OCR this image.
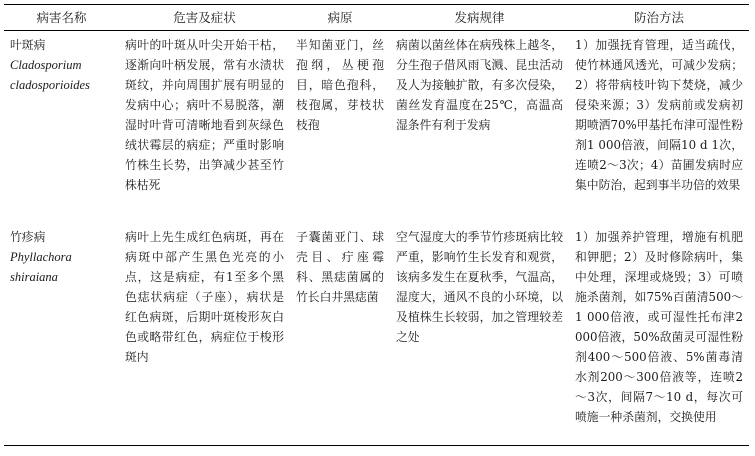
病害名称	危害及症状	病原	发病规律	防治方法

叶斑病
Cladosporium
cladosporioides	病叶的叶斑从叶尖开始干枯，逐渐向叶柄发展，常有水渍状斑纹，并向周围扩展有明显的发病中心；病叶不易脱落，潮湿时叶背可清晰地看到灰绿色绒状霉层的病症；严重时影响竹株生长势，出笋减少甚至竹株枯死	半知菌亚门，丝孢纲，丛梗孢目，暗色孢科，枝孢属，芽枝状枝孢	病菌以菌丝体在病残株上越冬，分生孢子借风雨飞溅、昆虫活动及人为接触扩散，有多次侵染，菌丝发育温度在25℃，高温高湿条件有利于发病	1）加强抚育管理，适当疏伐，使竹林通风透光，可减少发病；2）将带病枝叶钩下焚烧，减少侵染来源；3）发病前或发病初期喷洒70%甲基托布津可湿性粉剂1 000倍液，间隔10 d 1次，连喷2～3次；4）苗圃发病时应集中防治，起到事半功倍的效果

竹疹病
Phyllachora
shiraiana	病叶上先生成红色病斑，再在病斑中部产生黑色光亮的小点，这是病症，有1至多个黑色痣状病症（子座），病状是红色病斑，后期叶斑梭形灰白色或略带红色，病症位于梭形斑内	子囊菌亚门、球壳目、疔座霉科、黑痣菌属的竹长白井黑痣菌	空气湿度大的季节竹疹斑病比较严重，影响竹生长发育和观赏，该病多发生在夏秋季，气温高，湿度大，通风不良的小环境，以及植株生长较弱，加之管理较差之处	1）加强养护管理，增施有机肥和钾肥；2）及时修除病叶，集中处理，深埋或烧毁；3）可喷施杀菌剂，如75%百菌清500～1 000倍液，或可湿性托布津2 000倍液，50%敌菌灵可湿性粉剂400～500倍液、5%菌毒清水剂200～300倍液等，连喷2～3次，间隔7～10 d，每次可喷施一种杀菌剂，交换使用
